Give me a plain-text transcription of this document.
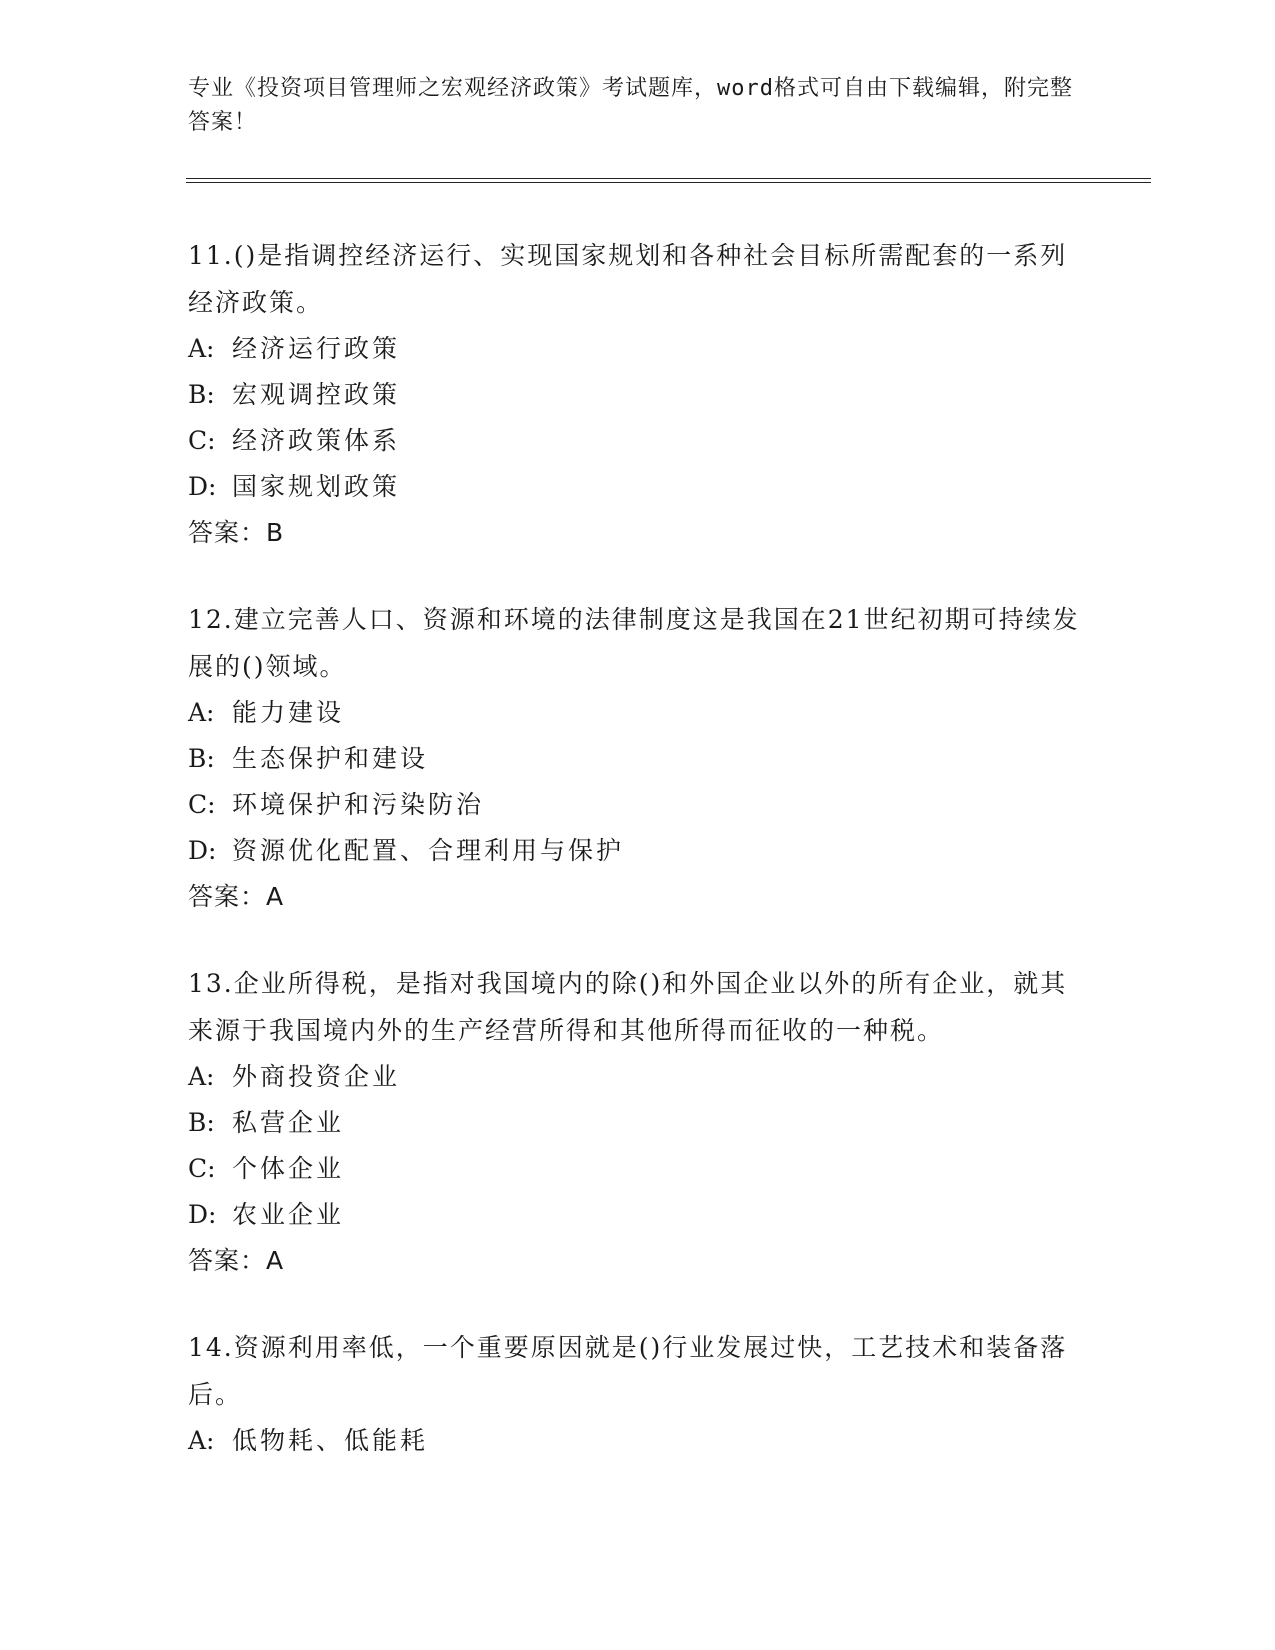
专业《投资项目管理师之宏观经济政策》考试题库，word格式可自由下载编辑，附完整答案！

11.()是指调控经济运行、实现国家规划和各种社会目标所需配套的一系列经济政策。

A: 经济运行政策
B: 宏观调控政策
C: 经济政策体系
D: 国家规划政策
答案：B

12.建立完善人口、资源和环境的法律制度这是我国在21世纪初期可持续发展的()领域。

A: 能力建设
B: 生态保护和建设
C: 环境保护和污染防治
D: 资源优化配置、合理利用与保护
答案：A

13.企业所得税，是指对我国境内的除()和外国企业以外的所有企业，就其来源于我国境内外的生产经营所得和其他所得而征收的一种税。

A: 外商投资企业
B: 私营企业
C: 个体企业
D: 农业企业
答案：A

14.资源利用率低，一个重要原因就是()行业发展过快，工艺技术和装备落后。

A: 低物耗、低能耗
